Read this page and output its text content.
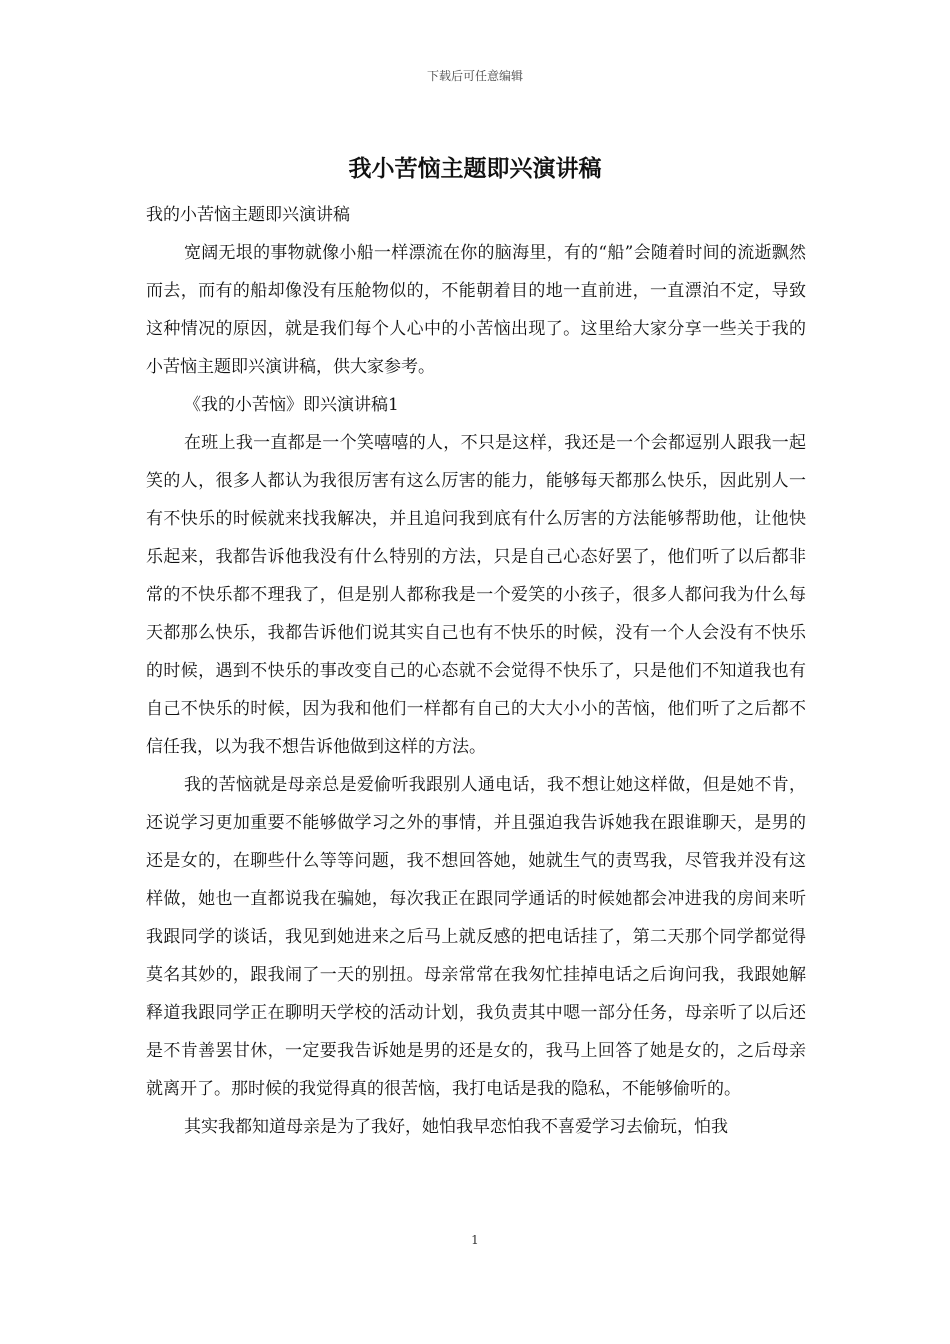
下载后可任意编辑
我小苦恼主题即兴演讲稿

我的小苦恼主题即兴演讲稿

宽阔无垠的事物就像小船一样漂流在你的脑海里，有的“船”会随着时间的流逝飘然而去，而有的船却像没有压舱物似的，不能朝着目的地一直前进，一直漂泊不定，导致这种情况的原因，就是我们每个人心中的小苦恼出现了。这里给大家分享一些关于我的小苦恼主题即兴演讲稿，供大家参考。

《我的小苦恼》即兴演讲稿1

在班上我一直都是一个笑嘻嘻的人，不只是这样，我还是一个会都逗别人跟我一起笑的人，很多人都认为我很厉害有这么厉害的能力，能够每天都那么快乐，因此别人一有不快乐的时候就来找我解决，并且追问我到底有什么厉害的方法能够帮助他，让他快乐起来，我都告诉他我没有什么特别的方法，只是自己心态好罢了，他们听了以后都非常的不快乐都不理我了，但是别人都称我是一个爱笑的小孩子，很多人都问我为什么每天都那么快乐，我都告诉他们说其实自己也有不快乐的时候，没有一个人会没有不快乐的时候，遇到不快乐的事改变自己的心态就不会觉得不快乐了，只是他们不知道我也有自己不快乐的时候，因为我和他们一样都有自己的大大小小的苦恼，他们听了之后都不信任我，以为我不想告诉他做到这样的方法。

我的苦恼就是母亲总是爱偷听我跟别人通电话，我不想让她这样做，但是她不肯，还说学习更加重要不能够做学习之外的事情，并且强迫我告诉她我在跟谁聊天，是男的还是女的，在聊些什么等等问题，我不想回答她，她就生气的责骂我，尽管我并没有这样做，她也一直都说我在骗她，每次我正在跟同学通话的时候她都会冲进我的房间来听我跟同学的谈话，我见到她进来之后马上就反感的把电话挂了，第二天那个同学都觉得莫名其妙的，跟我闹了一天的别扭。母亲常常在我匆忙挂掉电话之后询问我，我跟她解释道我跟同学正在聊明天学校的活动计划，我负责其中嗯一部分任务，母亲听了以后还是不肯善罢甘休，一定要我告诉她是男的还是女的，我马上回答了她是女的，之后母亲就离开了。那时候的我觉得真的很苦恼，我打电话是我的隐私，不能够偷听的。

其实我都知道母亲是为了我好，她怕我早恋怕我不喜爱学习去偷玩，怕我

1
